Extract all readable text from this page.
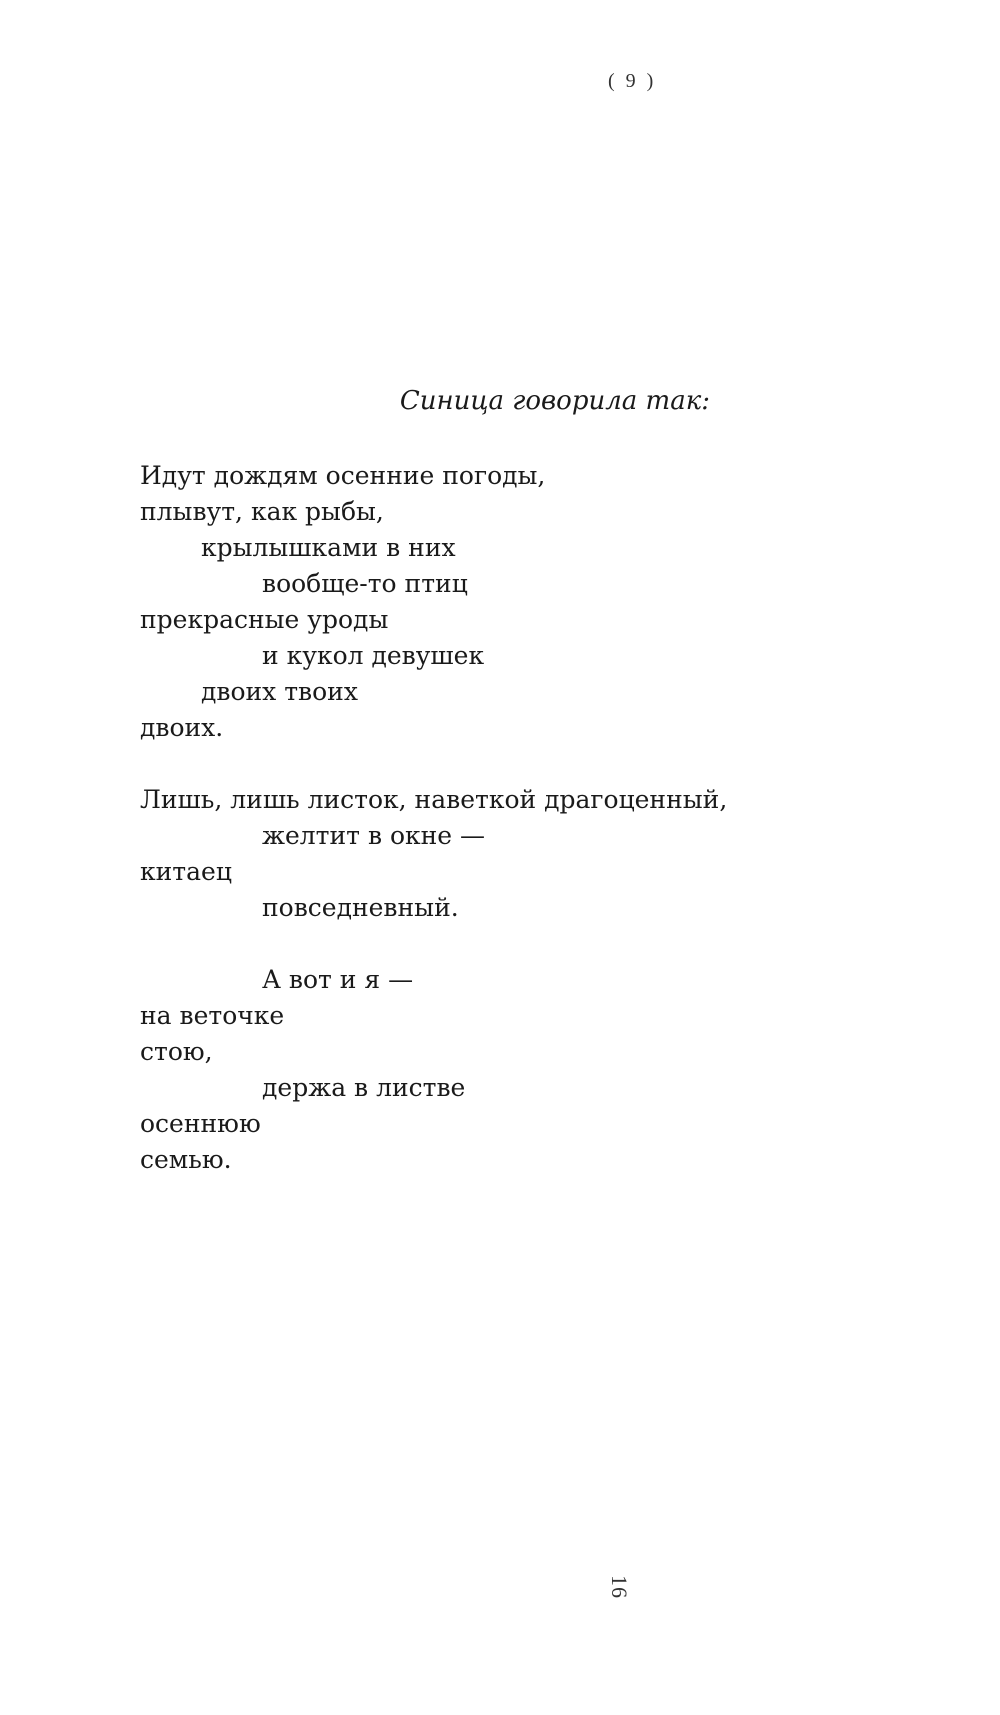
( 9 )
Синица говорила так:
Идут дождям осенние погоды,
плывут, как рыбы,
крылышками в них
вообще-то птиц
прекрасные уроды
и кукол девушек
двоих твоих
двоих.
Лишь, лишь листок, наветкой драгоценный,
желтит в окне —
китаец
повседневный.
А вот и я —
на веточке
стою,
держа в листве
осеннюю
семью.
16
